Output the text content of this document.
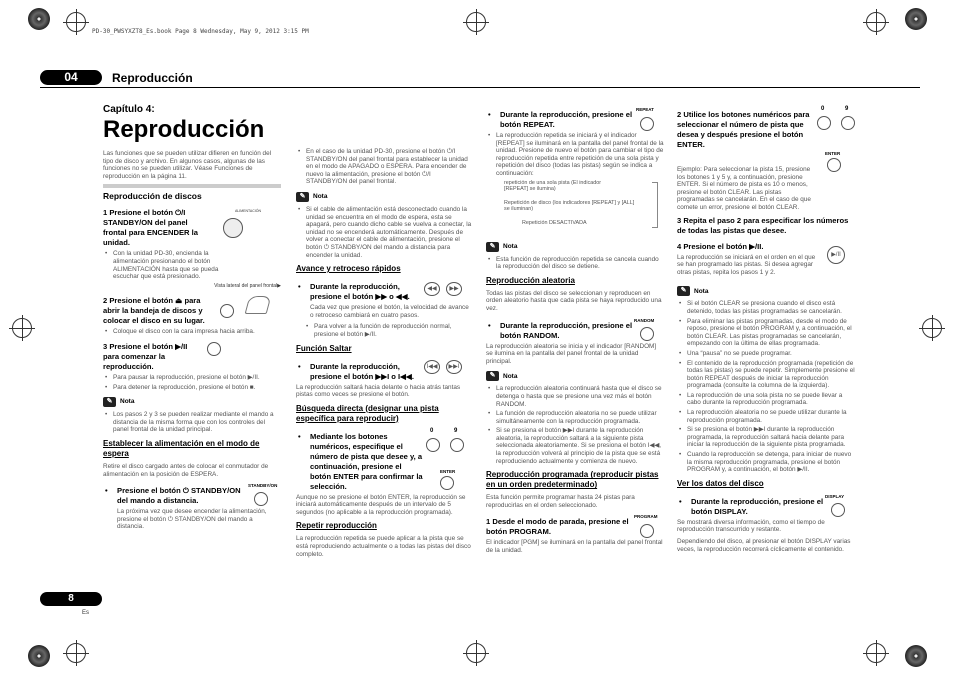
PD-30_PWSYXZT8_Es.book Page 8 Wednesday, May 9, 2012 3:15 PM
04	Reproducción
Capítulo 4:
Reproducción
Las funciones que se pueden utilizar difieren en función del tipo de disco y archivo. En algunos casos, algunas de las funciones no se pueden utilizar. Véase Funciones de reproducción en la página 11.
Reproducción de discos
1 Presione el botón ⏻/I STANDBY/ON del panel frontal para ENCENDER la unidad.
ALIMENTACIÓN
• Con la unidad PD-30, encienda la alimentación presionando el botón ALIMENTACIÓN hasta que se pueda escuchar que está presionado.
Vista lateral del panel frontal▶
2 Presione el botón ⏏ para abrir la bandeja de discos y colocar el disco en su lugar.
• Coloque el disco con la cara impresa hacia arriba.
3 Presione el botón ▶/II para comenzar la reproducción.
• Para pausar la reproducción, presione el botón ▶/II.
• Para detener la reproducción, presione el botón ■.
✎	Nota
• Los pasos 2 y 3 se pueden realizar mediante el mando a distancia de la misma forma que con los controles del panel frontal de la unidad principal.
Establecer la alimentación en el modo de espera
Retire el disco cargado antes de colocar el conmutador de alimentación en la posición de ESPERA.
• Presione el botón ⏻ STANDBY/ON del mando a distancia.
STANDBY/ON
La próxima vez que desee encender la alimentación, presione el botón ⏻ STANDBY/ON del mando a distancia.
• En el caso de la unidad PD-30, presione el botón ⏻/I STANDBY/ON del panel frontal para establecer la unidad en el modo de APAGADO o ESPERA. Para encender de nuevo la alimentación, presione el botón ⏻/I STANDBY/ON del panel frontal.
✎	Nota
• Si el cable de alimentación está desconectado cuando la unidad se encuentra en el modo de espera, esta se apagará, pero cuando dicho cable se vuelva a conectar, la unidad no se encenderá automáticamente. Después de volver a conectar el cable de alimentación, presione el botón ⏻ STANDBY/ON del mando a distancia para encender la unidad.
Avance y retroceso rápidos
• Durante la reproducción, presione el botón ▶▶ o ◀◀.
◀◀	▶▶
Cada vez que presione el botón, la velocidad de avance o retroceso cambiará en cuatro pasos.
• Para volver a la función de reproducción normal, presione el botón ▶/II.
Función Saltar
• Durante la reproducción, presione el botón ▶▶I o I◀◀.
I◀◀	▶▶I
La reproducción saltará hacia delante o hacia atrás tantas pistas como veces se presione el botón.
Búsqueda directa (designar una pista específica para reproducir)
• Mediante los botones numéricos, especifique el número de pista que desee y, a continuación, presione el botón ENTER para confirmar la selección.
0	9
ENTER
Aunque no se presione el botón ENTER, la reproducción se iniciará automáticamente después de un intervalo de 5 segundos (no aplicable a la reproducción programada).
Repetir reproducción
La reproducción repetida se puede aplicar a la pista que se está reproduciendo actualmente o a todas las pistas del disco completo.
• Durante la reproducción, presione el botón REPEAT.
REPEAT
• La reproducción repetida se iniciará y el indicador [REPEAT] se iluminará en la pantalla del panel frontal de la unidad. Presione de nuevo el botón para cambiar el tipo de reproducción repetida entre repetición de una sola pista y repetición del disco (todas las pistas) según se indica a continuación:
repetición de una sola pista (El indicador [REPEAT] se ilumina)
Repetición de disco (los indicadores [REPEAT] y [ALL] se iluminan)
Repetición DESACTIVADA
✎	Nota
• Esta función de reproducción repetida se cancela cuando la reproducción del disco se detiene.
Reproducción aleatoria
Todas las pistas del disco se seleccionan y reproducen en orden aleatorio hasta que cada pista se haya reproducido una vez.
• Durante la reproducción, presione el botón RANDOM.
RANDOM
La reproducción aleatoria se inicia y el indicador [RANDOM] se ilumina en la pantalla del panel frontal de la unidad principal.
✎	Nota
• La reproducción aleatoria continuará hasta que el disco se detenga o hasta que se presione una vez más el botón RANDOM.
• La función de reproducción aleatoria no se puede utilizar simultáneamente con la reproducción programada.
• Si se presiona el botón ▶▶I durante la reproducción aleatoria, la reproducción saltará a la siguiente pista seleccionada aleatoriamente. Si se presiona el botón I◀◀, la reproducción volverá al principio de la pista que se está reproduciendo actualmente y comienza de nuevo.
Reproducción programada (reproducir pistas en un orden predeterminado)
Esta función permite programar hasta 24 pistas para reproducirlas en el orden seleccionado.
1 Desde el modo de parada, presione el botón PROGRAM.
PROGRAM
El indicador [PGM] se iluminará en la pantalla del panel frontal de la unidad.
2 Utilice los botones numéricos para seleccionar el número de pista que desea y después presione el botón ENTER.
0	9
ENTER
Ejemplo: Para seleccionar la pista 15, presione los botones 1 y 5 y, a continuación, presione ENTER. Si el número de pista es 10 o menos, presione el botón CLEAR. Las pistas programadas se cancelarán. En el caso de que comete un error, presione el botón CLEAR.
3 Repita el paso 2 para especificar los números de todas las pistas que desee.
4 Presione el botón ▶/II.
La reproducción se iniciará en el orden en el que se han programado las pistas. Si desea agregar otras pistas, repita los pasos 1 y 2.
▶/II
✎	Nota
• Si el botón CLEAR se presiona cuando el disco está detenido, todas las pistas programadas se cancelarán.
• Para eliminar las pistas programadas, desde el modo de reposo, presione el botón PROGRAM y, a continuación, el botón CLEAR. Las pistas programadas se cancelarán, empezando con la última de ellas programada.
• Una “pausa” no se puede programar.
• El contenido de la reproducción programada (repetición de todas las pistas) se puede repetir. Simplemente presione el botón REPEAT después de iniciar la reproducción programada (consulte la columna de la izquierda).
• La reproducción de una sola pista no se puede llevar a cabo durante la reproducción programada.
• La reproducción aleatoria no se puede utilizar durante la reproducción programada.
• Si se presiona el botón ▶▶I durante la reproducción programada, la reproducción saltará hacia delante para iniciar la reproducción de la siguiente pista programada.
• Cuando la reproducción se detenga, para iniciar de nuevo la misma reproducción programada, presione el botón PROGRAM y, a continuación, el botón ▶/II.
Ver los datos del disco
• Durante la reproducción, presione el botón DISPLAY.
DISPLAY
Se mostrará diversa información, como el tiempo de reproducción transcurrido y restante.
Dependiendo del disco, al presionar el botón DISPLAY varias veces, la reproducción recorrerá cíclicamente el contenido.
8
Es
